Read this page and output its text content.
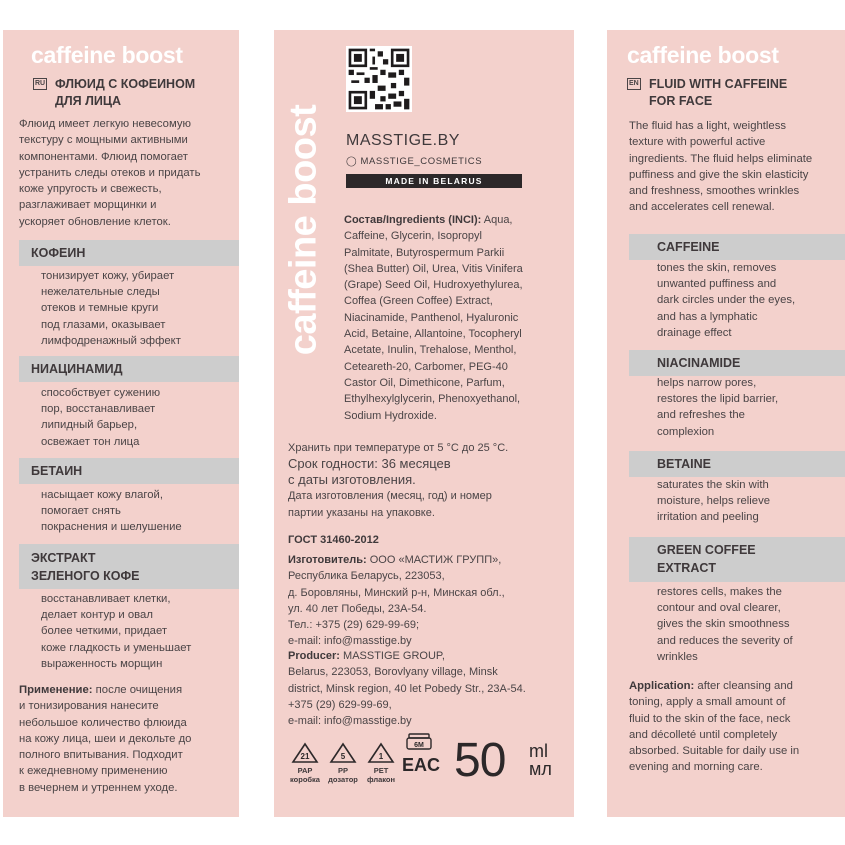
caffeine boost
RU ФЛЮИД С КОФЕИНОМ
ДЛЯ ЛИЦА
Флюид имеет легкую невесомую
текстуру с мощными активными
компонентами. Флюид помогает
устранить следы отеков и придать
коже упругость и свежесть,
разглаживает морщинки и
ускоряет обновление клеток.
КОФЕИН
тонизирует кожу, убирает
нежелательные следы
отеков и темные круги
под глазами, оказывает
лимфодренажный эффект
НИАЦИНАМИД
способствует сужению
пор, восстанавливает
липидный барьер,
освежает тон лица
БЕТАИН
насыщает кожу влагой,
помогает снять
покраснения и шелушение
ЭКСТРАКТ
ЗЕЛЕНОГО КОФЕ
восстанавливает клетки,
делает контур и овал
более четкими, придает
коже гладкость и уменьшает
выраженность морщин
Применение: после очищения
и тонизирования нанесите
небольшое количество флюида
на кожу лица, шеи и декольте до
полного впитывания. Подходит
к ежедневному применению
в вечернем и утреннем уходе.
caffeine boost MASSTIGE.BY
◯ MASSTIGE_COSMETICS
MADE IN BELARUS
Состав/Ingredients (INCI): Aqua,
Caffeine, Glycerin, Isopropyl
Palmitate, Butyrospermum Parkii
(Shea Butter) Oil, Urea, Vitis Vinifera
(Grape) Seed Oil, Hudroxyethylurea,
Coffea (Green Coffee) Extract,
Niacinamide, Panthenol, Hyaluronic
Acid, Betaine, Allantoine, Tocopheryl
Acetate, Inulin, Trehalose, Menthol,
Ceteareth-20, Carbomer, PEG-40
Castor Oil, Dimethicone, Parfum,
Ethylhexylglycerin, Phenoxyethanol,
Sodium Hydroxide.
Хранить при температуре от 5 °С до 25 °С.
Срок годности: 36 месяцев
с даты изготовления.
Дата изготовления (месяц, год) и номер
партии указаны на упаковке.
ГОСТ 31460-2012
Изготовитель: ООО «МАСТИЖ ГРУПП»,
Республика Беларусь, 223053,
д. Боровляны, Минский р-н, Минская обл.,
ул. 40 лет Победы, 23А-54.
Тел.: +375 (29) 629-99-69;
e-mail: info@masstige.by
Producer: MASSTIGE GROUP,
Belarus, 223053, Borovlyany village, Minsk
district, Minsk region, 40 let Pobedy Str., 23A-54.
+375 (29) 629-99-69,
e-mail: info@masstige.by
21
PAP
коробка
5
PP
дозатор
1
PET
флакон
6M
EAC 50 ml
мл
caffeine boost
EN FLUID WITH CAFFEINE
FOR FACE
The fluid has a light, weightless
texture with powerful active
ingredients. The fluid helps eliminate
puffiness and give the skin elasticity
and freshness, smoothes wrinkles
and accelerates cell renewal.
CAFFEINE
tones the skin, removes
unwanted puffiness and
dark circles under the eyes,
and has a lymphatic
drainage effect
NIACINAMIDE
helps narrow pores,
restores the lipid barrier,
and refreshes the
complexion
BETAINE
saturates the skin with
moisture, helps relieve
irritation and peeling
GREEN COFFEE
EXTRACT
restores cells, makes the
contour and oval clearer,
gives the skin smoothness
and reduces the severity of
wrinkles
Application: after cleansing and
toning, apply a small amount of
fluid to the skin of the face, neck
and décolleté until completely
absorbed. Suitable for daily use in
evening and morning care.
